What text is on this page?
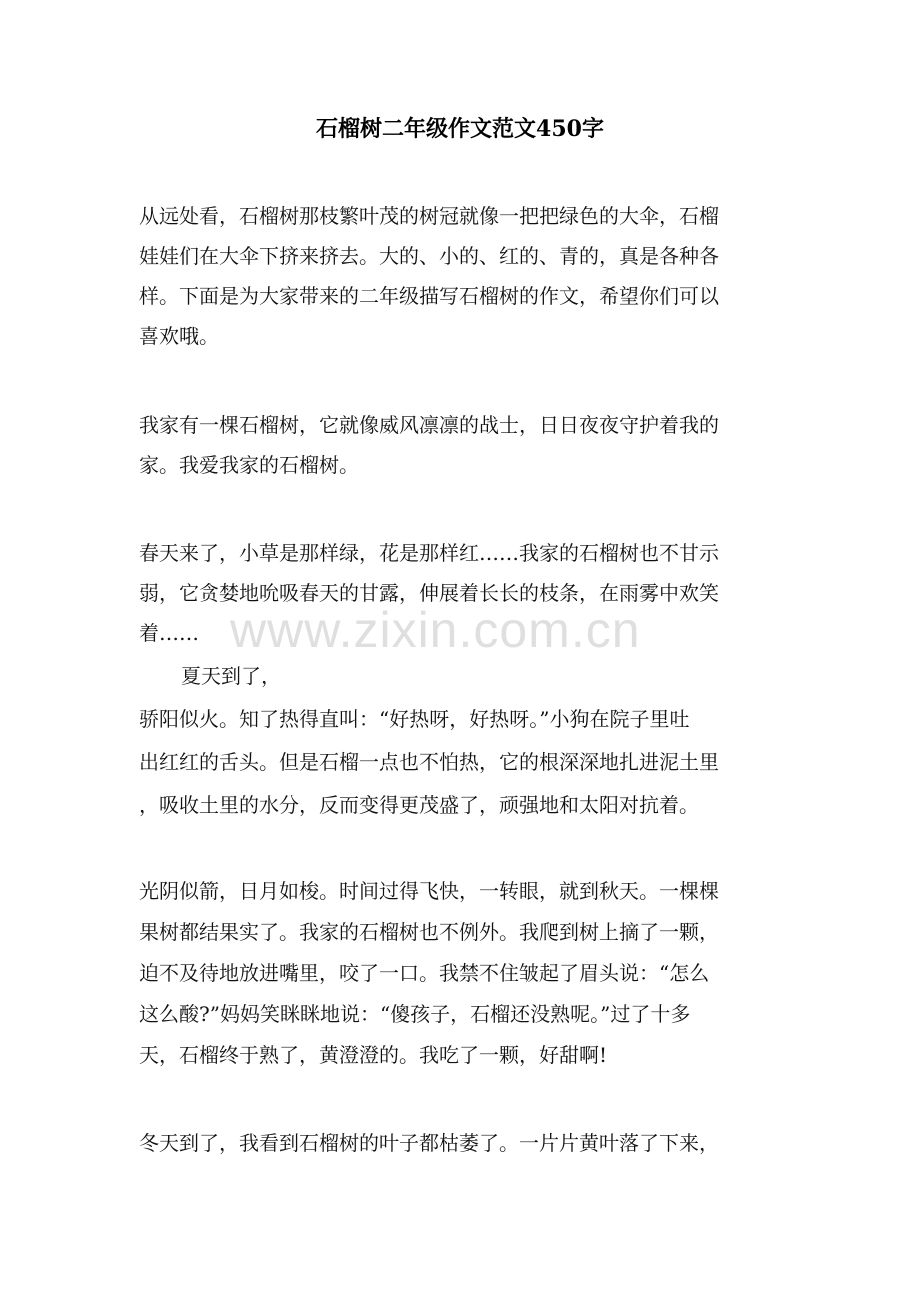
石榴树二年级作文范文450字
从远处看，石榴树那枝繁叶茂的树冠就像一把把绿色的大伞，石榴
娃娃们在大伞下挤来挤去。大的、小的、红的、青的，真是各种各
样。下面是为大家带来的二年级描写石榴树的作文，希望你们可以
喜欢哦。
我家有一棵石榴树，它就像威风凛凛的战士，日日夜夜守护着我的
家。我爱我家的石榴树。
春天来了，小草是那样绿，花是那样红……我家的石榴树也不甘示
弱，它贪婪地吮吸春天的甘露，伸展着长长的枝条，在雨雾中欢笑
着……
夏天到了，
骄阳似火。知了热得直叫：“好热呀，好热呀。”小狗在院子里吐
出红红的舌头。但是石榴一点也不怕热，它的根深深地扎进泥土里
，吸收土里的水分，反而变得更茂盛了，顽强地和太阳对抗着。
光阴似箭，日月如梭。时间过得飞快，一转眼，就到秋天。一棵棵
果树都结果实了。我家的石榴树也不例外。我爬到树上摘了一颗，
迫不及待地放进嘴里，咬了一口。我禁不住皱起了眉头说：“怎么
这么酸?”妈妈笑眯眯地说：“傻孩子，石榴还没熟呢。”过了十多
天，石榴终于熟了，黄澄澄的。我吃了一颗，好甜啊!
冬天到了，我看到石榴树的叶子都枯萎了。一片片黄叶落了下来，
www.zixin.com.cn
